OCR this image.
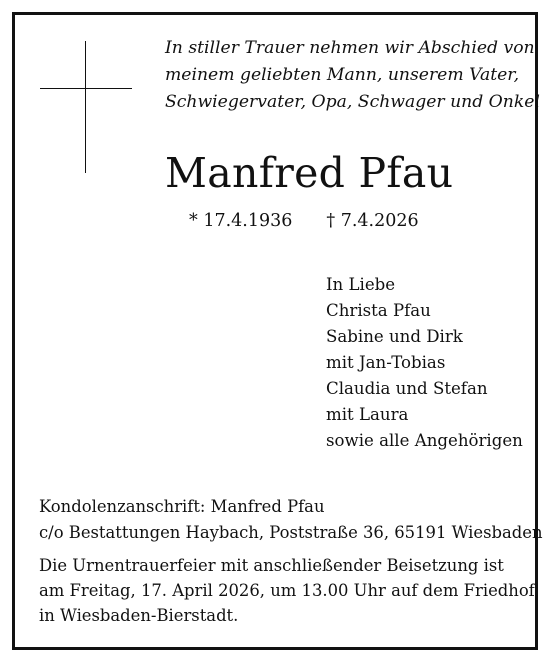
In stiller Trauer nehmen wir Abschied von
meinem geliebten Mann, unserem Vater,
Schwiegervater, Opa, Schwager und Onkel
Manfred Pfau
* 17.4.1936 † 7.4.2026
In Liebe
Christa Pfau
Sabine und Dirk
mit Jan-Tobias
Claudia und Stefan
mit Laura
sowie alle Angehörigen
Kondolenzanschrift: Manfred Pfau
c/o Bestattungen Haybach, Poststraße 36, 65191 Wiesbaden
Die Urnentrauerfeier mit anschließender Beisetzung ist
am Freitag, 17. April 2026, um 13.00 Uhr auf dem Friedhof
in Wiesbaden-Bierstadt.
